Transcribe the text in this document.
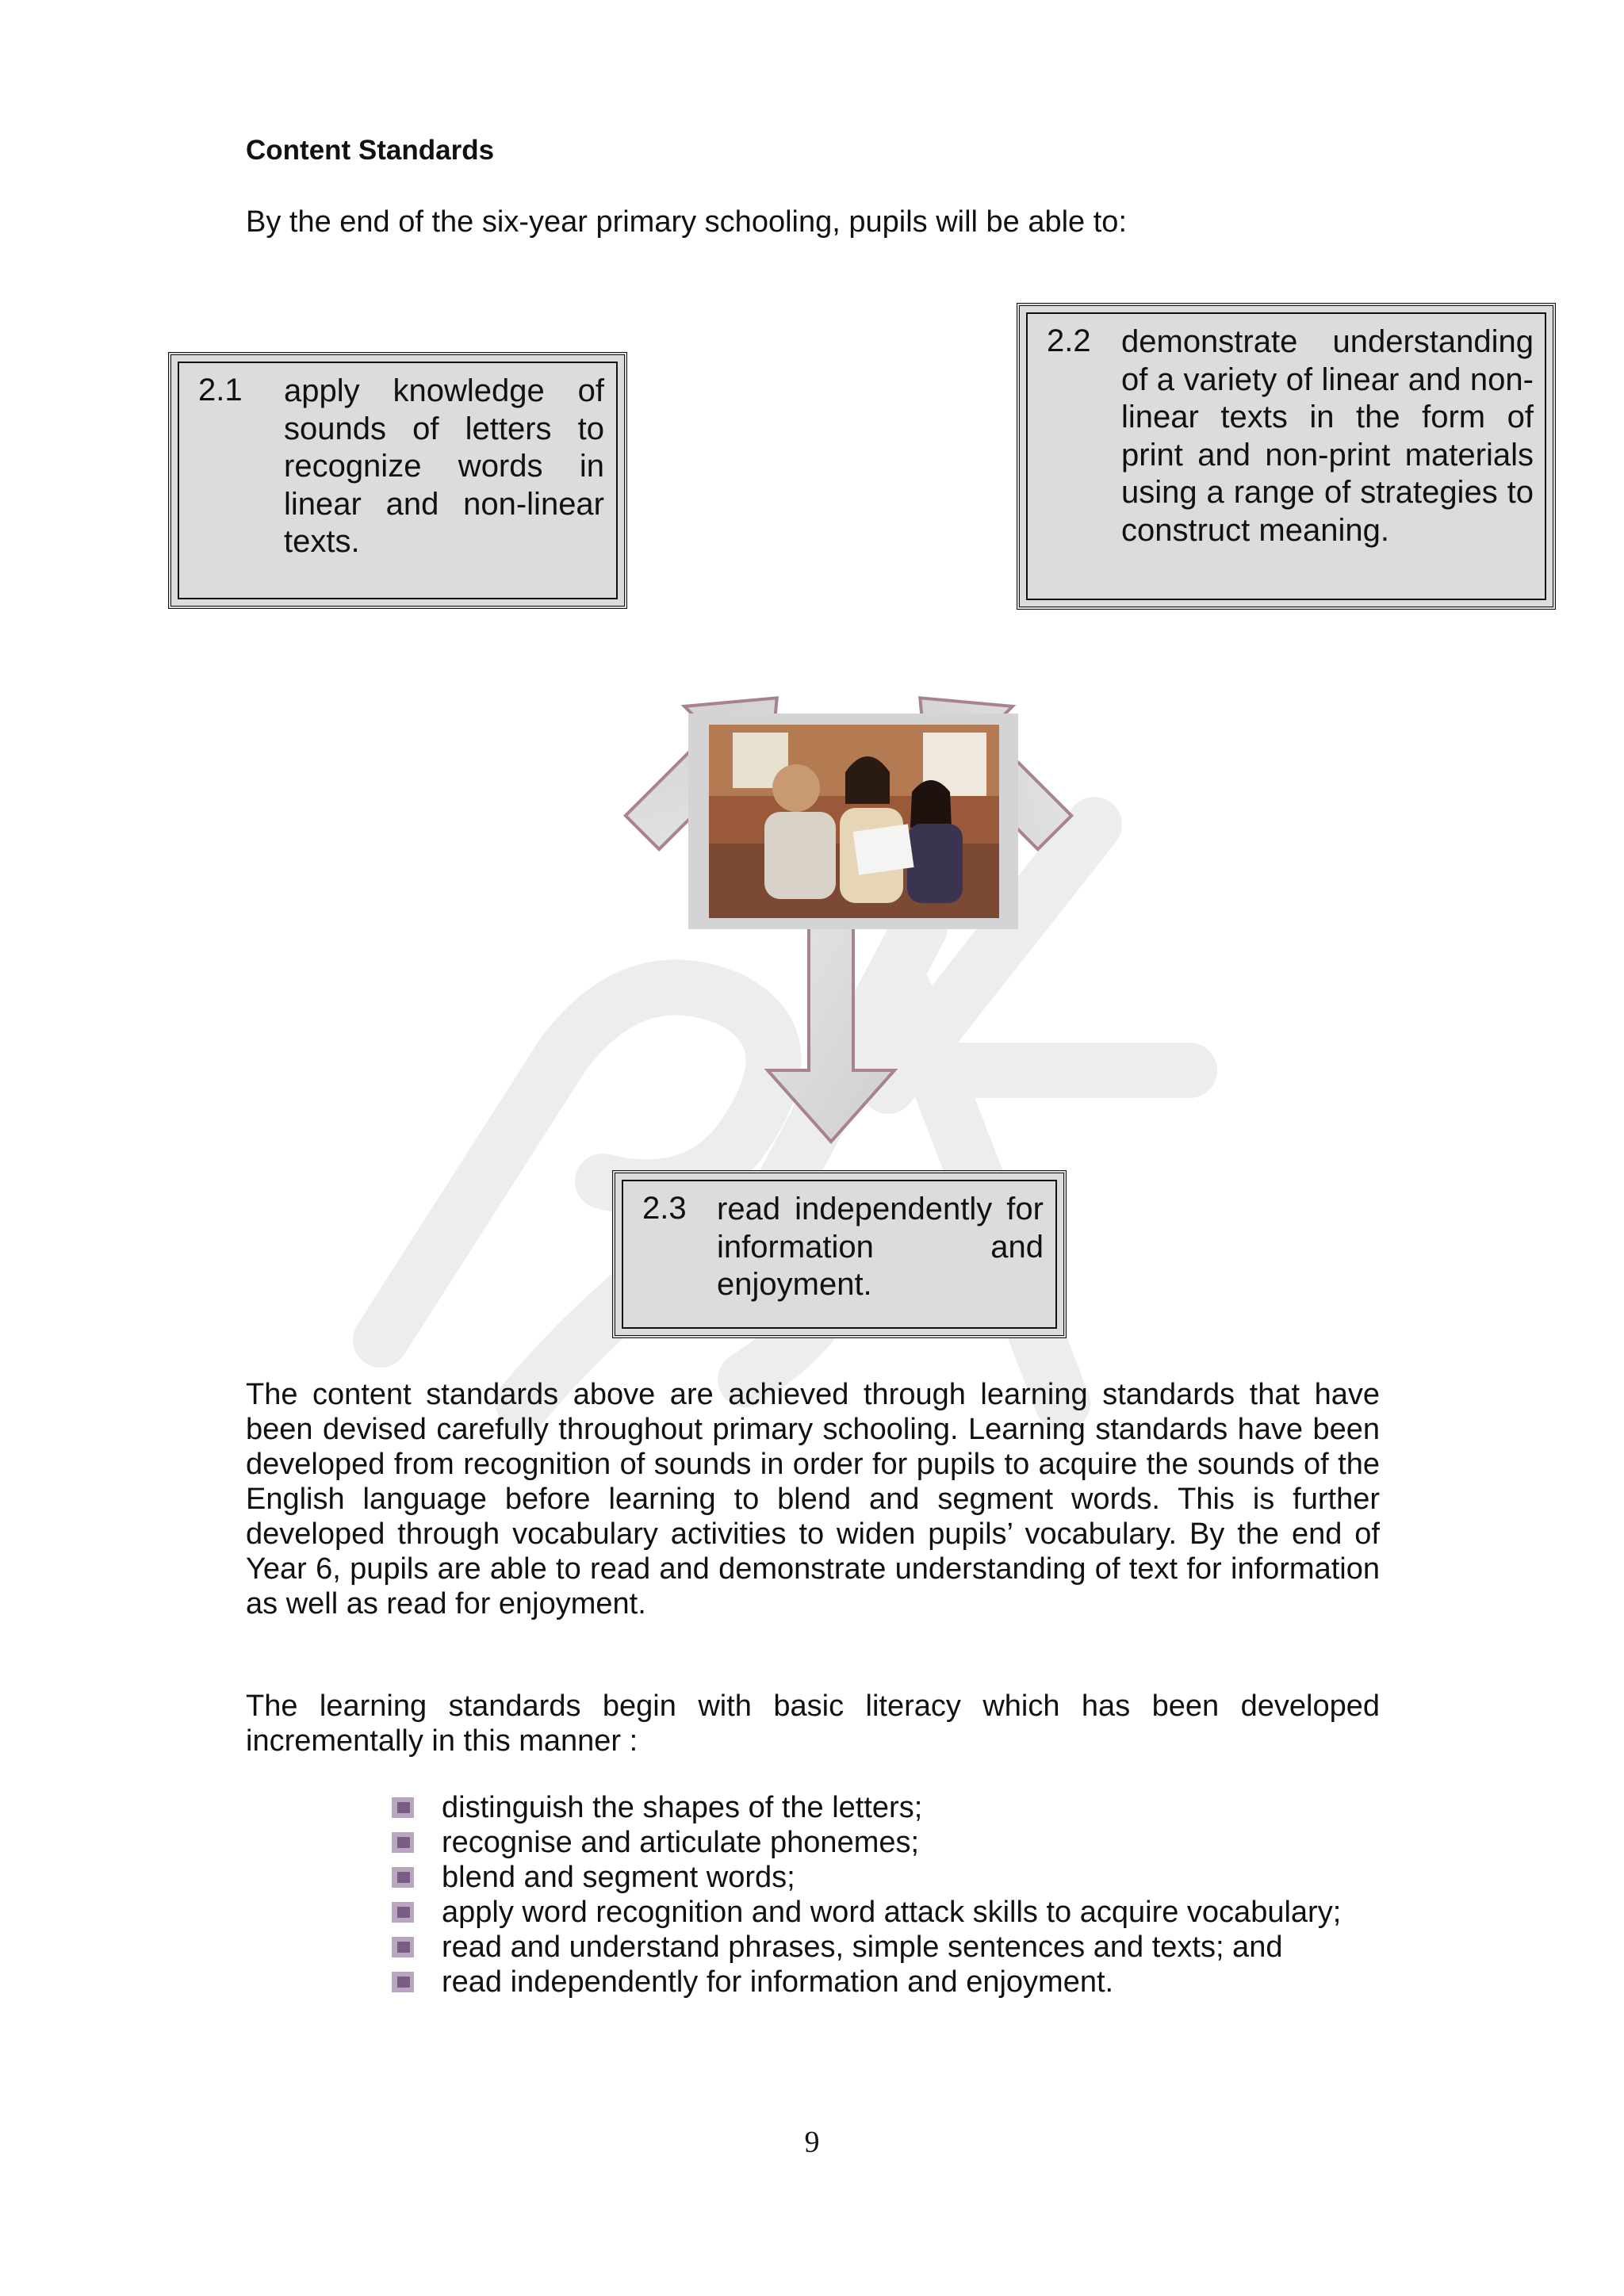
Content Standards
By the end of the six-year primary schooling, pupils will be able to:
2.1 apply knowledge of sounds of letters to recognize words in linear and non-linear texts.
2.2 demonstrate understanding of a variety of linear and non-linear texts in the form of print and non-print materials using a range of strategies to construct meaning.
2.3 read independently for information and enjoyment.

The content standards above are achieved through learning standards that have been devised carefully throughout primary schooling. Learning standards have been developed from recognition of sounds in order for pupils to acquire the sounds of the English language before learning to blend and segment words. This is further developed through vocabulary activities to widen pupils’ vocabulary. By the end of Year 6, pupils are able to read and demonstrate understanding of text for information as well as read for enjoyment.

The learning standards begin with basic literacy which has been developed incrementally in this manner :

distinguish the shapes of the letters;
recognise and articulate phonemes;
blend and segment words;
apply word recognition and word attack skills to acquire vocabulary;
read and understand phrases, simple sentences and texts; and
read independently for information and enjoyment.
9
